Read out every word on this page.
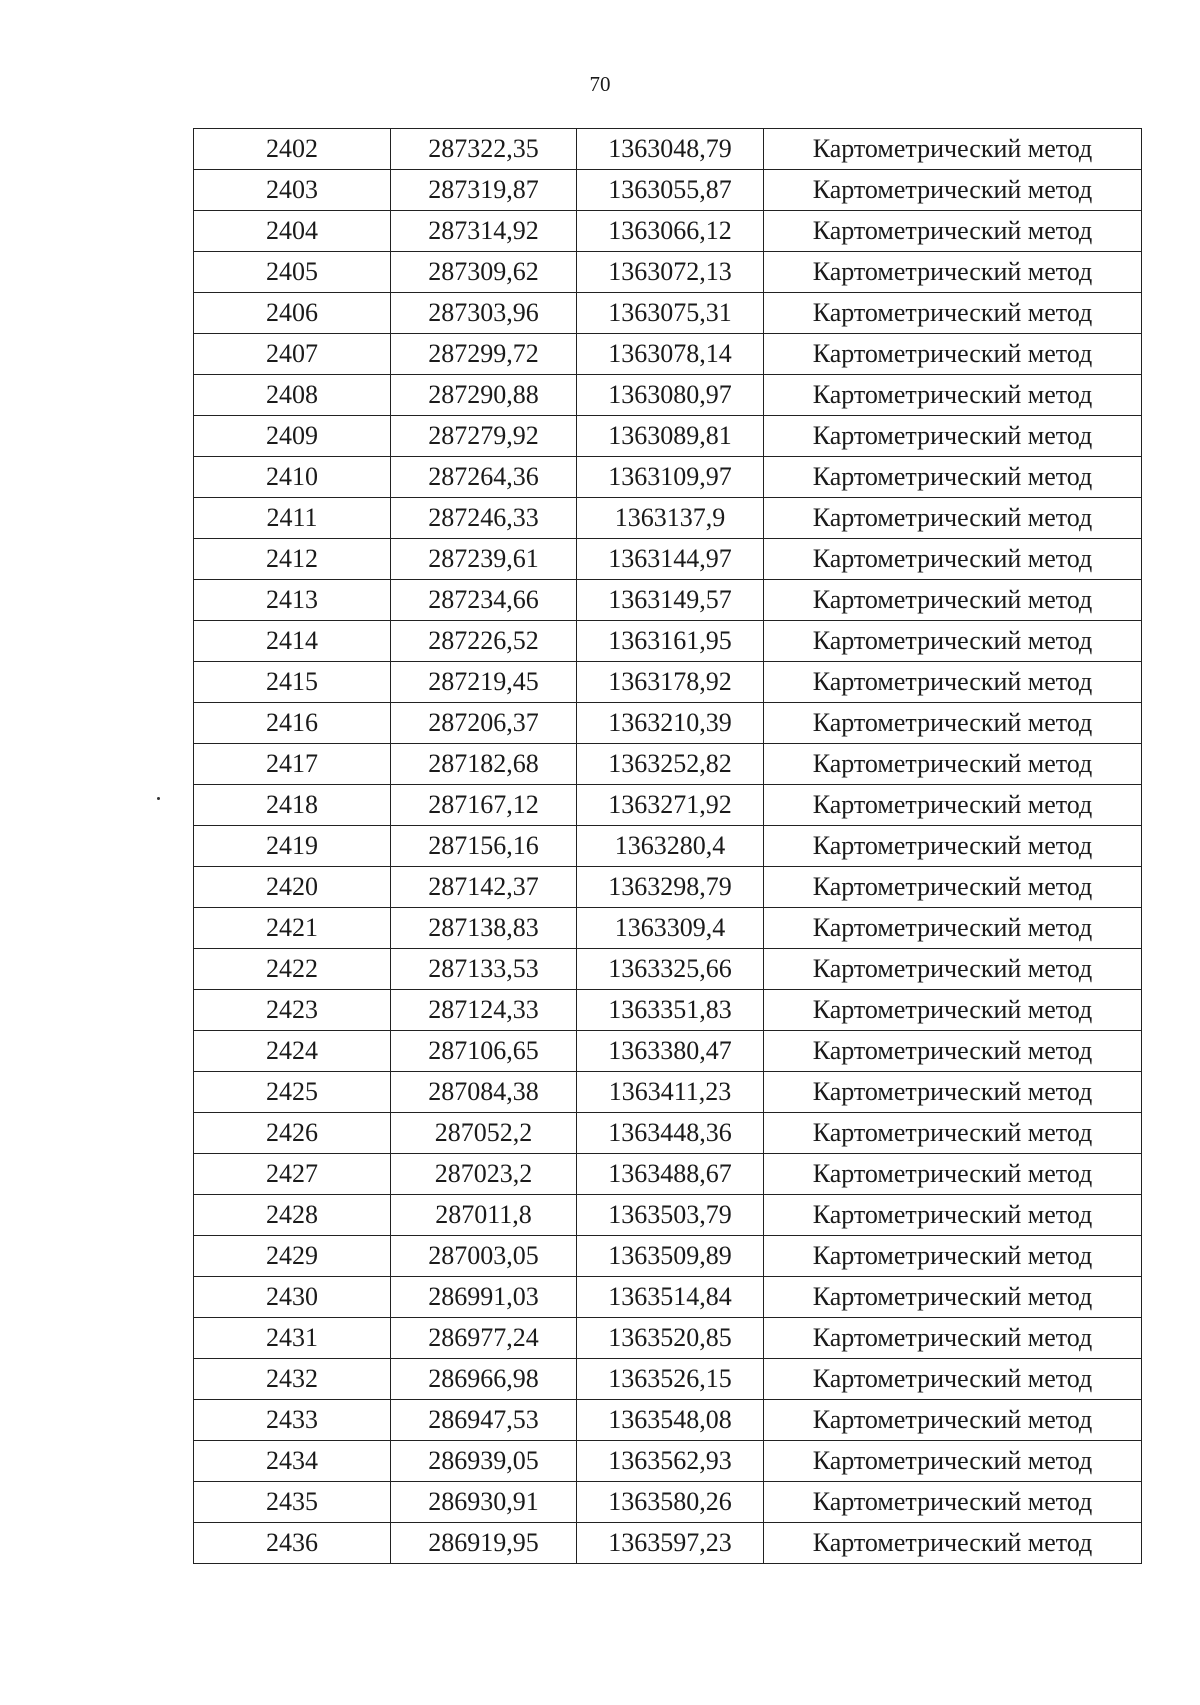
70
2402	287322,35	1363048,79	Картометрический метод
2403	287319,87	1363055,87	Картометрический метод
2404	287314,92	1363066,12	Картометрический метод
2405	287309,62	1363072,13	Картометрический метод
2406	287303,96	1363075,31	Картометрический метод
2407	287299,72	1363078,14	Картометрический метод
2408	287290,88	1363080,97	Картометрический метод
2409	287279,92	1363089,81	Картометрический метод
2410	287264,36	1363109,97	Картометрический метод
2411	287246,33	1363137,9	Картометрический метод
2412	287239,61	1363144,97	Картометрический метод
2413	287234,66	1363149,57	Картометрический метод
2414	287226,52	1363161,95	Картометрический метод
2415	287219,45	1363178,92	Картометрический метод
2416	287206,37	1363210,39	Картометрический метод
2417	287182,68	1363252,82	Картометрический метод
2418	287167,12	1363271,92	Картометрический метод
2419	287156,16	1363280,4	Картометрический метод
2420	287142,37	1363298,79	Картометрический метод
2421	287138,83	1363309,4	Картометрический метод
2422	287133,53	1363325,66	Картометрический метод
2423	287124,33	1363351,83	Картометрический метод
2424	287106,65	1363380,47	Картометрический метод
2425	287084,38	1363411,23	Картометрический метод
2426	287052,2	1363448,36	Картометрический метод
2427	287023,2	1363488,67	Картометрический метод
2428	287011,8	1363503,79	Картометрический метод
2429	287003,05	1363509,89	Картометрический метод
2430	286991,03	1363514,84	Картометрический метод
2431	286977,24	1363520,85	Картометрический метод
2432	286966,98	1363526,15	Картометрический метод
2433	286947,53	1363548,08	Картометрический метод
2434	286939,05	1363562,93	Картометрический метод
2435	286930,91	1363580,26	Картометрический метод
2436	286919,95	1363597,23	Картометрический метод
